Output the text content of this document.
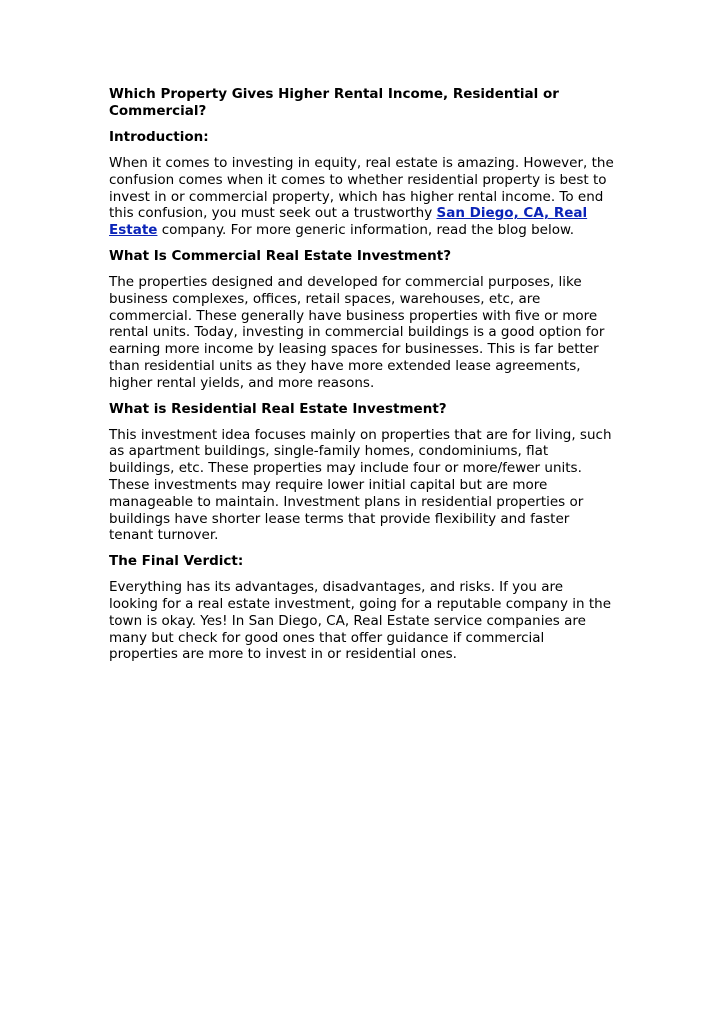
Which Property Gives Higher Rental Income, Residential or Commercial?
Introduction:
When it comes to investing in equity, real estate is amazing. However, the confusion comes when it comes to whether residential property is best to invest in or commercial property, which has higher rental income. To end this confusion, you must seek out a trustworthy San Diego, CA, Real Estate company. For more generic information, read the blog below.
What Is Commercial Real Estate Investment?
The properties designed and developed for commercial purposes, like business complexes, offices, retail spaces, warehouses, etc, are commercial. These generally have business properties with five or more rental units. Today, investing in commercial buildings is a good option for earning more income by leasing spaces for businesses. This is far better than residential units as they have more extended lease agreements, higher rental yields, and more reasons.
What is Residential Real Estate Investment?
This investment idea focuses mainly on properties that are for living, such as apartment buildings, single-family homes, condominiums, flat buildings, etc. These properties may include four or more/fewer units. These investments may require lower initial capital but are more manageable to maintain. Investment plans in residential properties or buildings have shorter lease terms that provide flexibility and faster tenant turnover.
The Final Verdict:
Everything has its advantages, disadvantages, and risks. If you are looking for a real estate investment, going for a reputable company in the town is okay. Yes! In San Diego, CA, Real Estate service companies are many but check for good ones that offer guidance if commercial properties are more to invest in or residential ones.
